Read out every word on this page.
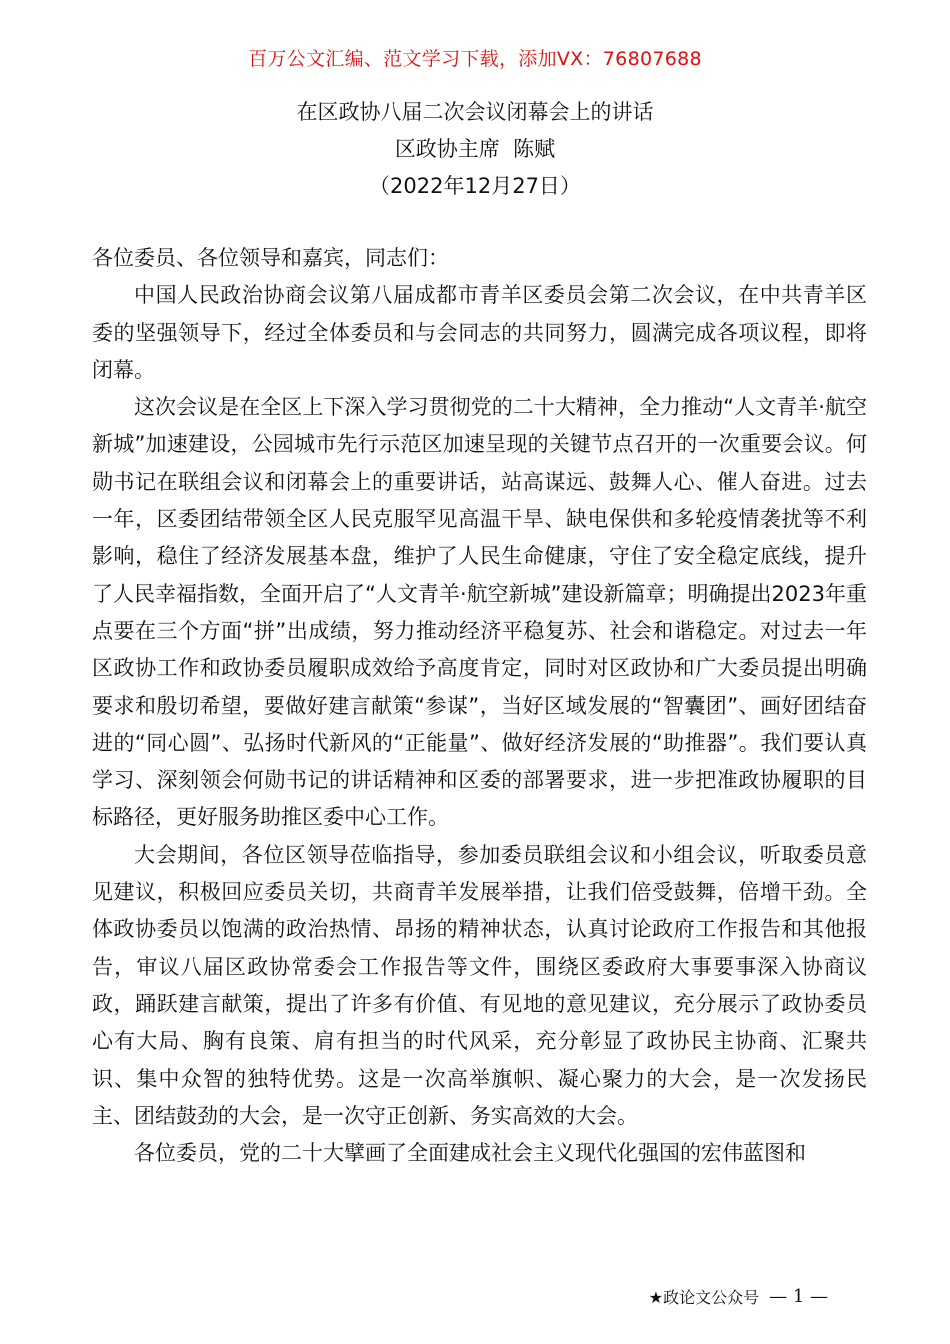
百万公文汇编、范文学习下载，添加VX：76807688
在区政协八届二次会议闭幕会上的讲话
区政协主席  陈赋
（2022年12月27日）

各位委员、各位领导和嘉宾，同志们：

中国人民政治协商会议第八届成都市青羊区委员会第二次会议，在中共青羊区委的坚强领导下，经过全体委员和与会同志的共同努力，圆满完成各项议程，即将闭幕。

这次会议是在全区上下深入学习贯彻党的二十大精神，全力推动“人文青羊·航空新城”加速建设，公园城市先行示范区加速呈现的关键节点召开的一次重要会议。何勋书记在联组会议和闭幕会上的重要讲话，站高谋远、鼓舞人心、催人奋进。过去一年，区委团结带领全区人民克服罕见高温干旱、缺电保供和多轮疫情袭扰等不利影响，稳住了经济发展基本盘，维护了人民生命健康，守住了安全稳定底线，提升了人民幸福指数，全面开启了“人文青羊·航空新城”建设新篇章；明确提出2023年重点要在三个方面“拼”出成绩，努力推动经济平稳复苏、社会和谐稳定。对过去一年区政协工作和政协委员履职成效给予高度肯定，同时对区政协和广大委员提出明确要求和殷切希望，要做好建言献策“参谋”，当好区域发展的“智囊团”、画好团结奋进的“同心圆”、弘扬时代新风的“正能量”、做好经济发展的“助推器”。我们要认真学习、深刻领会何勋书记的讲话精神和区委的部署要求，进一步把准政协履职的目标路径，更好服务助推区委中心工作。

大会期间，各位区领导莅临指导，参加委员联组会议和小组会议，听取委员意见建议，积极回应委员关切，共商青羊发展举措，让我们倍受鼓舞，倍增干劲。全体政协委员以饱满的政治热情、昂扬的精神状态，认真讨论政府工作报告和其他报告，审议八届区政协常委会工作报告等文件，围绕区委政府大事要事深入协商议政，踊跃建言献策，提出了许多有价值、有见地的意见建议，充分展示了政协委员心有大局、胸有良策、肩有担当的时代风采，充分彰显了政协民主协商、汇聚共识、集中众智的独特优势。这是一次高举旗帜、凝心聚力的大会，是一次发扬民主、团结鼓劲的大会，是一次守正创新、务实高效的大会。

各位委员，党的二十大擘画了全面建成社会主义现代化强国的宏伟蓝图和

★政论文公众号 — 1 —
